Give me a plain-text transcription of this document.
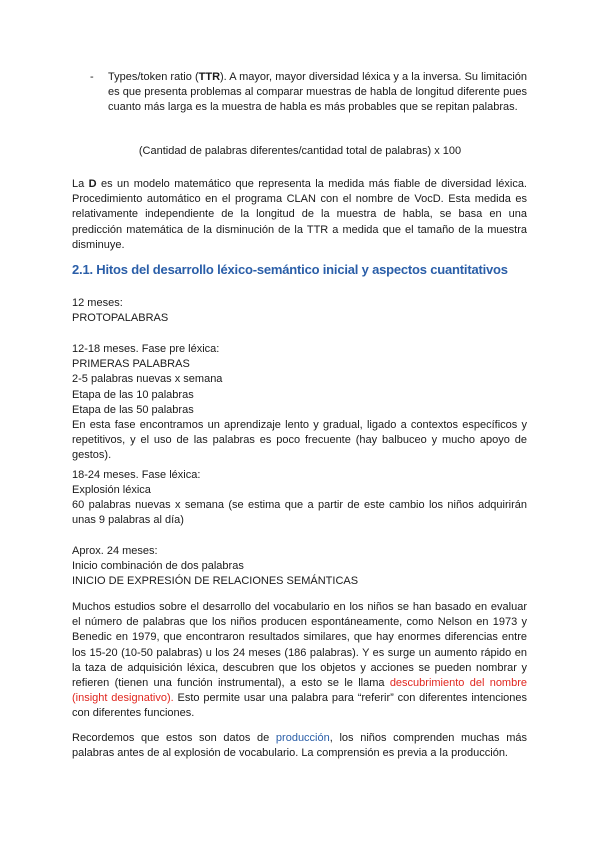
- Types/token ratio (TTR). A mayor, mayor diversidad léxica y a la inversa. Su limitación es que presenta problemas al comparar muestras de habla de longitud diferente pues cuanto más larga es la muestra de habla es más probables que se repitan palabras.

(Cantidad de palabras diferentes/cantidad total de palabras) x 100

La D es un modelo matemático que representa la medida más fiable de diversidad léxica. Procedimiento automático en el programa CLAN con el nombre de VocD. Esta medida es relativamente independiente de la longitud de la muestra de habla, se basa en una predicción matemática de la disminución de la TTR a medida que el tamaño de la muestra disminuye.

2.1. Hitos del desarrollo léxico-semántico inicial y aspectos cuantitativos

12 meses:
PROTOPALABRAS

12-18 meses. Fase pre léxica:
PRIMERAS PALABRAS
2-5 palabras nuevas x semana
Etapa de las 10 palabras
Etapa de las 50 palabras

En esta fase encontramos un aprendizaje lento y gradual, ligado a contextos específicos y repetitivos, y el uso de las palabras es poco frecuente (hay balbuceo y mucho apoyo de gestos).

18-24 meses. Fase léxica:
Explosión léxica

60 palabras nuevas x semana (se estima que a partir de este cambio los niños adquirirán unas 9 palabras al día)

Aprox. 24 meses:
Inicio combinación de dos palabras
INICIO DE EXPRESIÓN DE RELACIONES SEMÁNTICAS

Muchos estudios sobre el desarrollo del vocabulario en los niños se han basado en evaluar el número de palabras que los niños producen espontáneamente, como Nelson en 1973 y Benedic en 1979, que encontraron resultados similares, que hay enormes diferencias entre los 15-20 (10-50 palabras) u los 24 meses (186 palabras). Y es surge un aumento rápido en la taza de adquisición léxica, descubren que los objetos y acciones se pueden nombrar y refieren (tienen una función instrumental), a esto se le llama descubrimiento del nombre (insight designativo). Esto permite usar una palabra para “referir” con diferentes intenciones con diferentes funciones.

Recordemos que estos son datos de producción, los niños comprenden muchas más palabras antes de al explosión de vocabulario. La comprensión es previa a la producción.
